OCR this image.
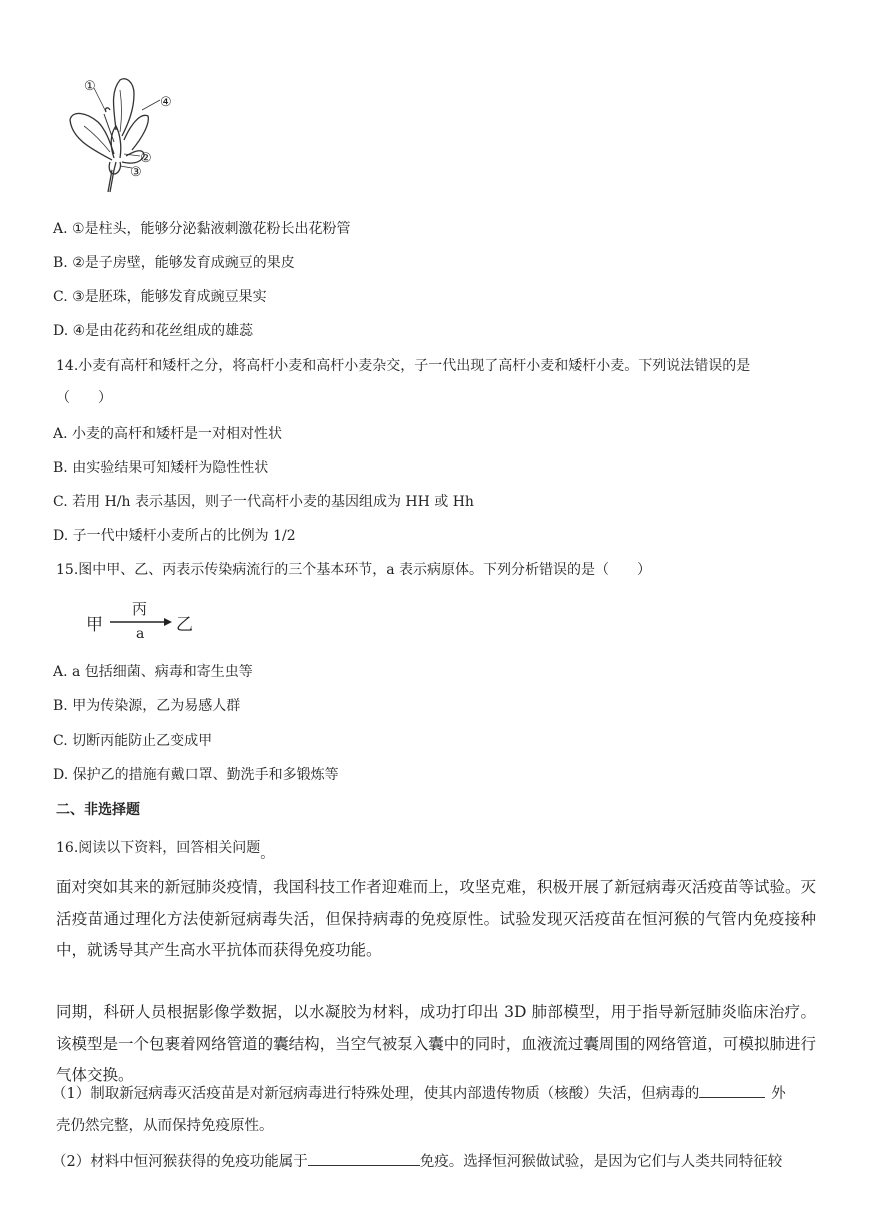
①
④
②
③
A. ①是柱头，能够分泌黏液刺激花粉长出花粉管
B. ②是子房壁，能够发育成豌豆的果皮
C. ③是胚珠，能够发育成豌豆果实
D. ④是由花药和花丝组成的雄蕊
14.小麦有高杆和矮杆之分，将高杆小麦和高杆小麦杂交，子一代出现了高杆小麦和矮杆小麦。下列说法错误的是
（　　）
A. 小麦的高杆和矮杆是一对相对性状
B. 由实验结果可知矮杆为隐性性状
C. 若用 H/h 表示基因，则子一代高杆小麦的基因组成为 HH 或 Hh
D. 子一代中矮杆小麦所占的比例为 1/2
15.图中甲、乙、丙表示传染病流行的三个基本环节，a 表示病原体。下列分析错误的是（　　）
甲
丙
a 乙
A. a 包括细菌、病毒和寄生虫等
B. 甲为传染源，乙为易感人群
C. 切断丙能防止乙变成甲
D. 保护乙的措施有戴口罩、勤洗手和多锻炼等
二、非选择题
16.阅读以下资料，回答相关问题。
面对突如其来的新冠肺炎疫情，我国科技工作者迎难而上，攻坚克难，积极开展了新冠病毒灭活疫苗等试验。灭活疫苗通过理化方法使新冠病毒失活，但保持病毒的免疫原性。试验发现灭活疫苗在恒河猴的气管内免疫接种中，就诱导其产生高水平抗体而获得免疫功能。
同期，科研人员根据影像学数据，以水凝胶为材料，成功打印出 3D 肺部模型，用于指导新冠肺炎临床治疗。该模型是一个包裹着网络管道的囊结构，当空气被泵入囊中的同时，血液流过囊周围的网络管道，可模拟肺进行气体交换。
（1）制取新冠病毒灭活疫苗是对新冠病毒进行特殊处理，使其内部遗传物质（核酸）失活，但病毒的	外
壳仍然完整，从而保持免疫原性。
（2）材料中恒河猴获得的免疫功能属于	免疫。选择恒河猴做试验，是因为它们与人类共同特征较
